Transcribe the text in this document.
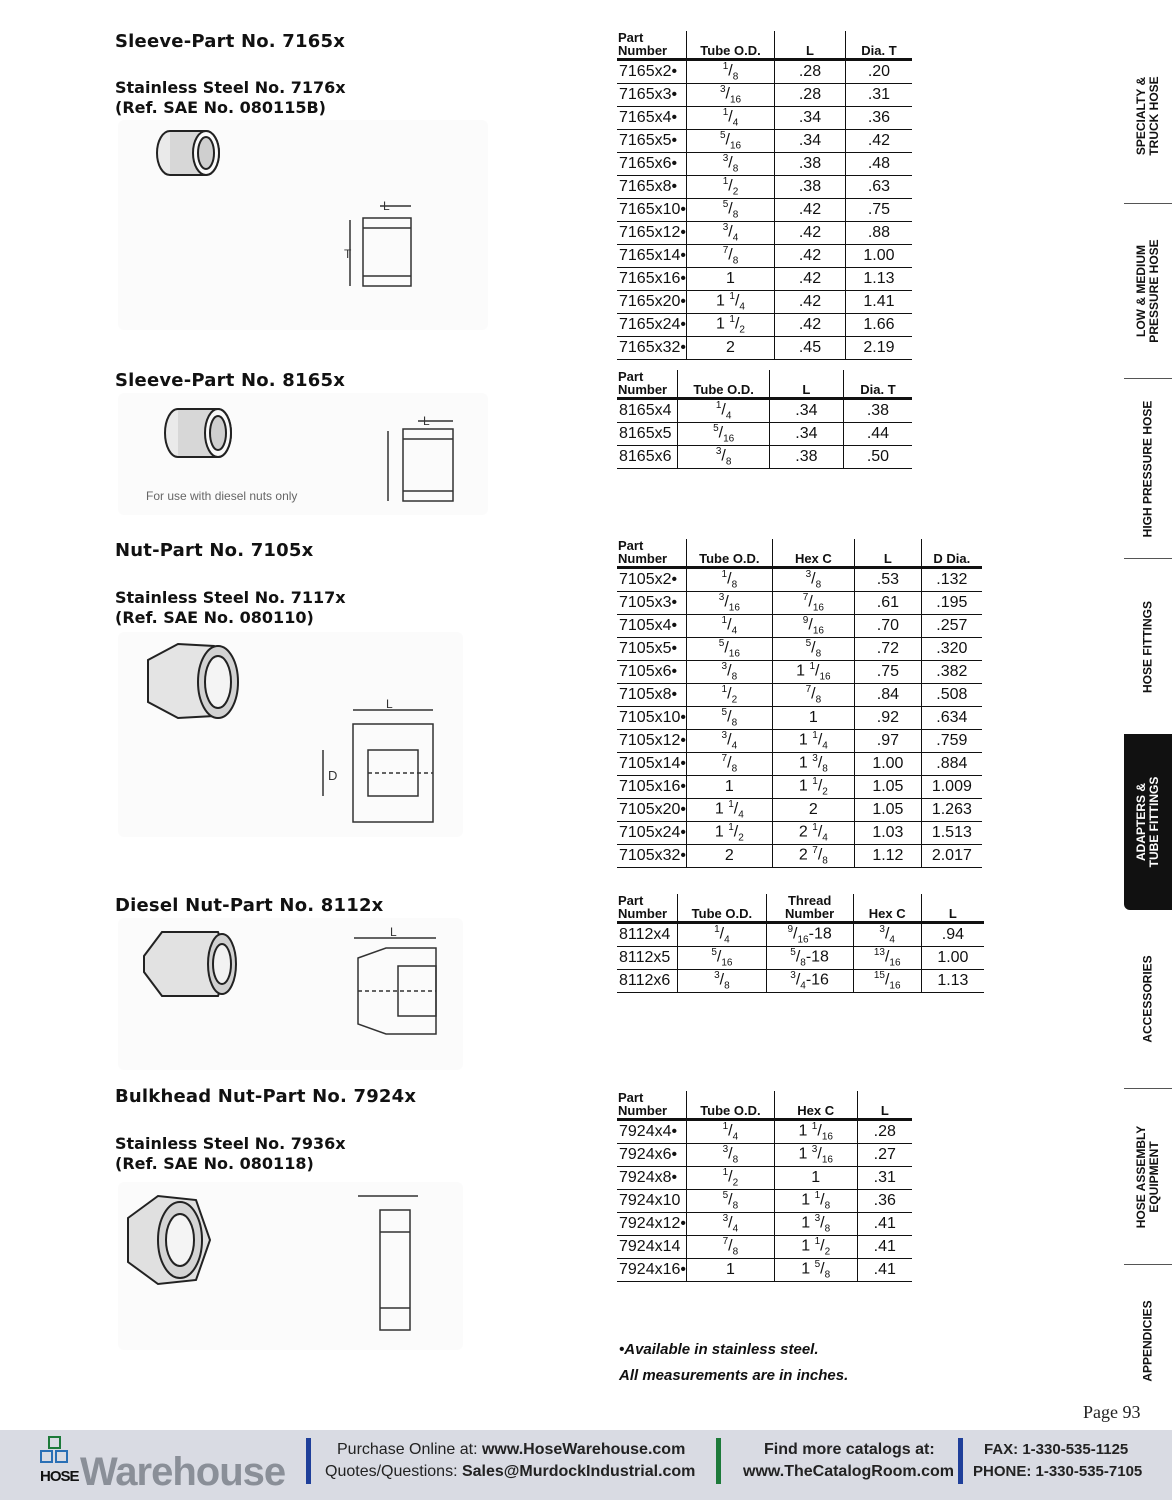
Sleeve-Part No. 7165x
Stainless Steel No. 7176x
(Ref. SAE No. 080115B)
L
T
Part Number	Tube O.D.	L	Dia. T
7165x2•	$^1/_8$	.28	.20
7165x3•	$^3/_{16}$	.28	.31
7165x4•	$^1/_4$	.34	.36
7165x5•	$^5/_{16}$	.34	.42
7165x6•	$^3/_8$	.38	.48
7165x8•	$^1/_2$	.38	.63
7165x10•	$^5/_8$	.42	.75
7165x12•	$^3/_4$	.42	.88
7165x14•	$^7/_8$	.42	1.00
7165x16•	1	.42	1.13
7165x20•	1 $^1/_4$	.42	1.41
7165x24•	1 $^1/_2$	.42	1.66
7165x32•	2	.45	2.19
Sleeve-Part No. 8165x
L
For use with diesel nuts only
Part Number	Tube O.D.	L	Dia. T
8165x4	$^1/_4$	.34	.38
8165x5	$^5/_{16}$	.34	.44
8165x6	$^3/_8$	.38	.50
Nut-Part No. 7105x
Stainless Steel No. 7117x
(Ref. SAE No. 080110)
L
D
Part Number	Tube O.D.	Hex C	L	D Dia.
7105x2•	$^1/_8$	$^3/_8$	.53	.132
7105x3•	$^3/_{16}$	$^7/_{16}$	.61	.195
7105x4•	$^1/_4$	$^9/_{16}$	.70	.257
7105x5•	$^5/_{16}$	$^5/_8$	.72	.320
7105x6•	$^3/_8$	1 $^1/_{16}$	.75	.382
7105x8•	$^1/_2$	$^7/_8$	.84	.508
7105x10•	$^5/_8$	1	.92	.634
7105x12•	$^3/_4$	1 $^1/_4$	.97	.759
7105x14•	$^7/_8$	1 $^3/_8$	1.00	.884
7105x16•	1	1 $^1/_2$	1.05	1.009
7105x20•	1 $^1/_4$	2	1.05	1.263
7105x24•	1 $^1/_2$	2 $^1/_4$	1.03	1.513
7105x32•	2	2 $^7/_8$	1.12	2.017
Diesel Nut-Part No. 8112x
L
Part Number	Tube O.D.	Thread Number	Hex C	L
8112x4	$^1/_4$	$^9/_{16}-18$	$^3/_4$	.94
8112x5	$^5/_{16}$	$^5/_8-18$	$^{13}/_{16}$	1.00
8112x6	$^3/_8$	$^3/_4-16$	$^{15}/_{16}$	1.13
Bulkhead Nut-Part No. 7924x
Stainless Steel No. 7936x
(Ref. SAE No. 080118)
Part Number	Tube O.D.	Hex C	L
7924x4•	$^1/_4$	1 $^1/_{16}$	.28
7924x6•	$^3/_8$	1 $^3/_{16}$	.27
7924x8•	$^1/_2$	1	.31
7924x10	$^5/_8$	1 $^1/_8$	.36
7924x12•	$^3/_4$	1 $^3/_8$	.41
7924x14	$^7/_8$	1 $^1/_2$	.41
7924x16•	1	1 $^5/_8$	.41
•Available in stainless steel.
All measurements are in inches.
Page 93
SPECIALTY & TRUCK HOSE
LOW & MEDIUM PRESSURE HOSE
HIGH PRESSURE HOSE
HOSE FITTINGS
ADAPTERS & TUBE FITTINGS
ACCESSORIES
HOSE ASSEMBLY EQUIPMENT
APPENDICIES
HOSE Warehouse
Purchase Online at: www.HoseWarehouse.com
Quotes/Questions: Sales@MurdockIndustrial.com
Find more catalogs at:
www.TheCatalogRoom.com
FAX: 1-330-535-1125
PHONE: 1-330-535-7105
